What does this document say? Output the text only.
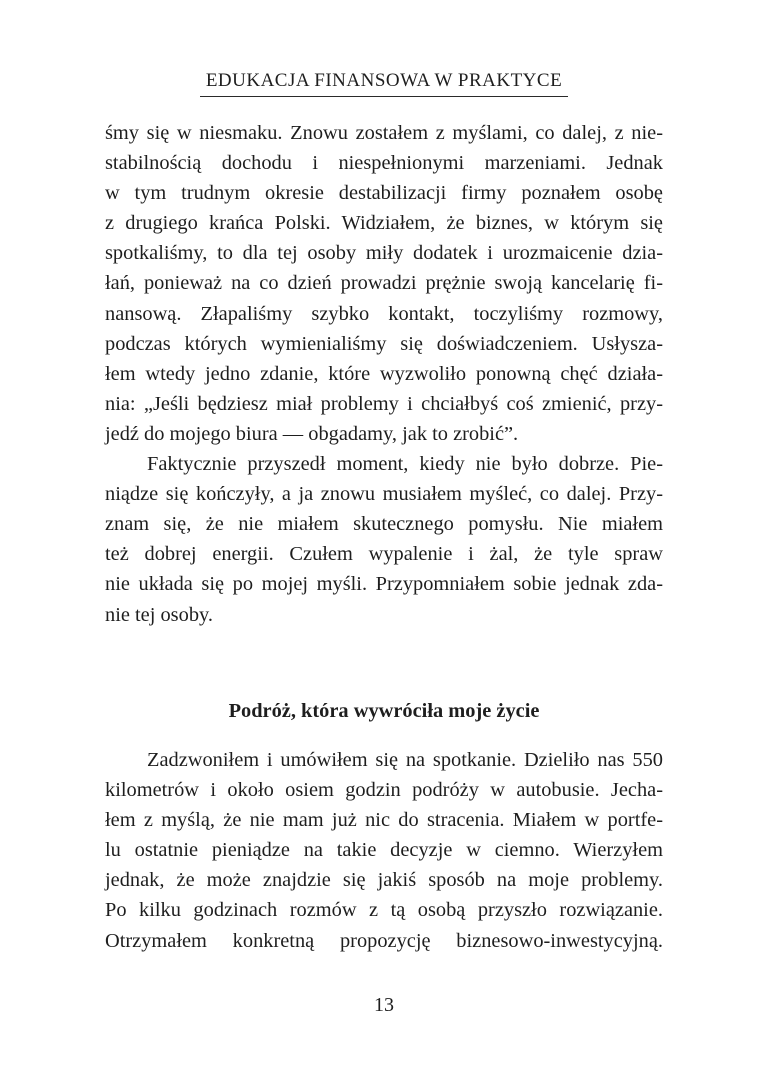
EDUKACJA FINANSOWA W PRAKTYCE
śmy się w niesmaku. Znowu zostałem z myślami, co dalej, z nie-
stabilnością dochodu i niespełnionymi marzeniami. Jednak
w tym trudnym okresie destabilizacji firmy poznałem osobę
z drugiego krańca Polski. Widziałem, że biznes, w którym się
spotkaliśmy, to dla tej osoby miły dodatek i urozmaicenie dzia-
łań, ponieważ na co dzień prowadzi prężnie swoją kancelarię fi-
nansową. Złapaliśmy szybko kontakt, toczyliśmy rozmowy,
podczas których wymienialiśmy się doświadczeniem. Usłysza-
łem wtedy jedno zdanie, które wyzwoliło ponowną chęć działa-
nia: „Jeśli będziesz miał problemy i chciałbyś coś zmienić, przy-
jedź do mojego biura — obgadamy, jak to zrobić”.
Faktycznie przyszedł moment, kiedy nie było dobrze. Pie-
niądze się kończyły, a ja znowu musiałem myśleć, co dalej. Przy-
znam się, że nie miałem skutecznego pomysłu. Nie miałem
też dobrej energii. Czułem wypalenie i żal, że tyle spraw
nie układa się po mojej myśli. Przypomniałem sobie jednak zda-
nie tej osoby.
Podróż, która wywróciła moje życie
Zadzwoniłem i umówiłem się na spotkanie. Dzieliło nas 550
kilometrów i około osiem godzin podróży w autobusie. Jecha-
łem z myślą, że nie mam już nic do stracenia. Miałem w portfe-
lu ostatnie pieniądze na takie decyzje w ciemno. Wierzyłem
jednak, że może znajdzie się jakiś sposób na moje problemy.
Po kilku godzinach rozmów z tą osobą przyszło rozwiązanie.
Otrzymałem konkretną propozycję biznesowo-inwestycyjną.
13
